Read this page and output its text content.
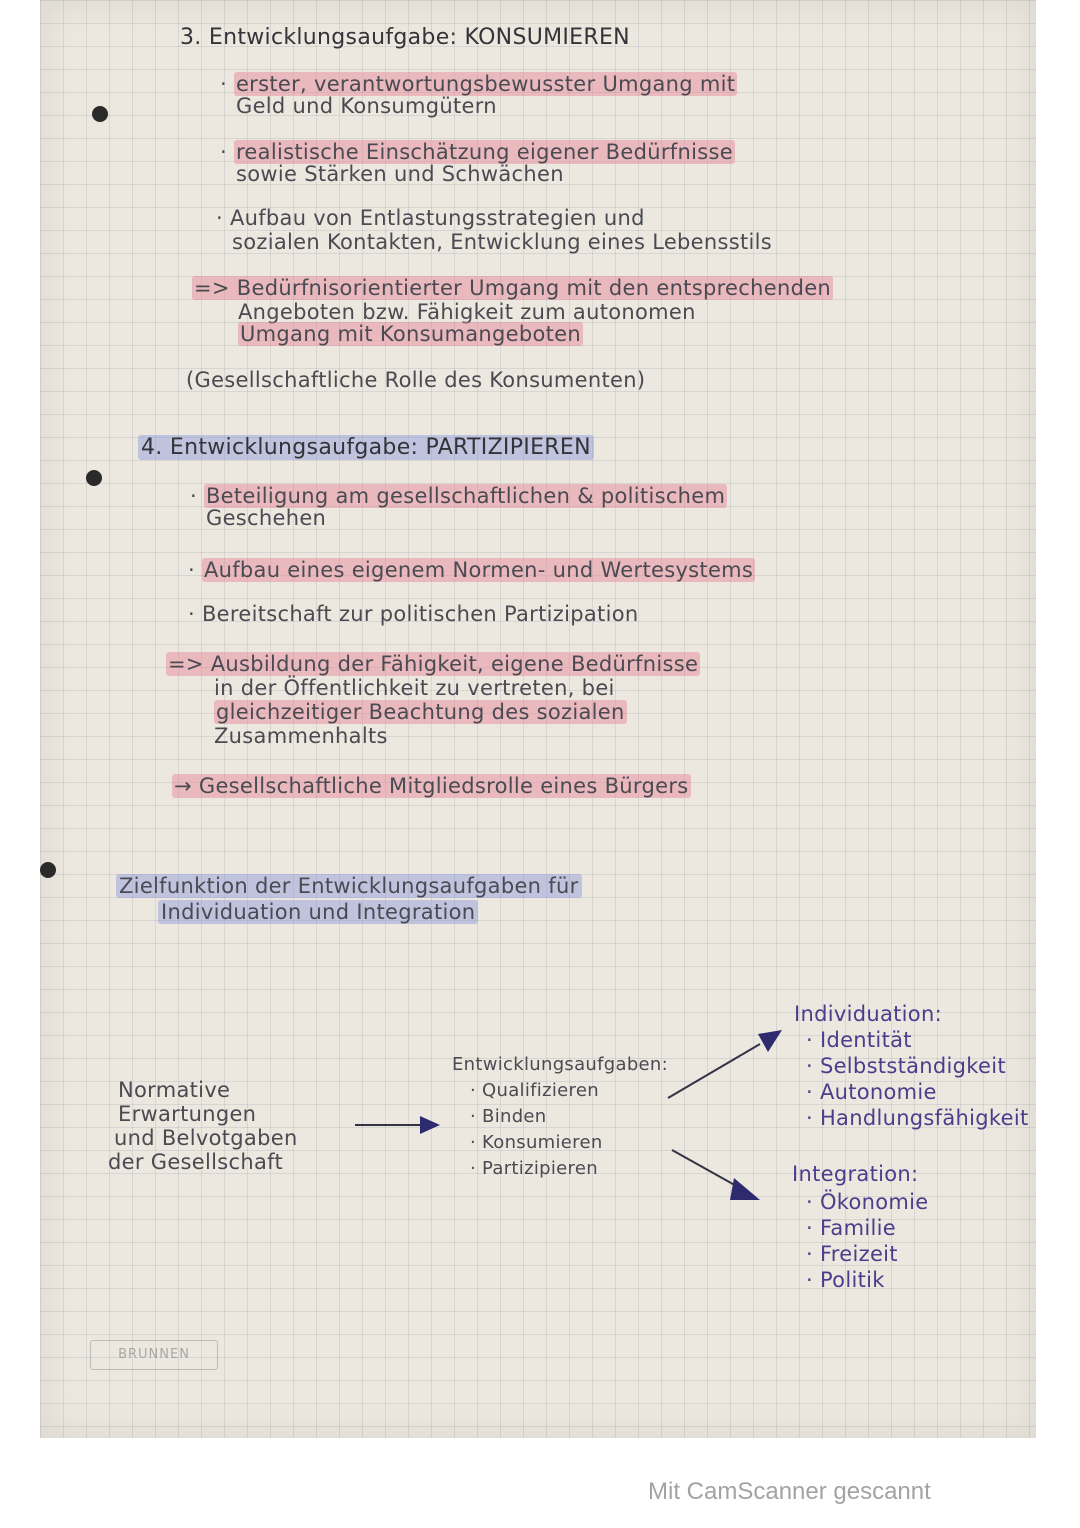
3. Entwicklungsaufgabe: KONSUMIEREN
· erster, verantwortungsbewusster Umgang mit
Geld und Konsumgütern
· realistische Einschätzung eigener Bedürfnisse
sowie Stärken und Schwächen
· Aufbau von Entlastungsstrategien und
sozialen Kontakten, Entwicklung eines Lebensstils
=> Bedürfnisorientierter Umgang mit den entsprechenden
Angeboten bzw. Fähigkeit zum autonomen
Umgang mit Konsumangeboten
(Gesellschaftliche Rolle des Konsumenten)
4. Entwicklungsaufgabe: PARTIZIPIEREN
· Beteiligung am gesellschaftlichen & politischem
Geschehen
· Aufbau eines eigenem Normen- und Wertesystems
· Bereitschaft zur politischen Partizipation
=> Ausbildung der Fähigkeit, eigene Bedürfnisse
in der Öffentlichkeit zu vertreten, bei
gleichzeitiger Beachtung des sozialen
Zusammenhalts
→ Gesellschaftliche Mitgliedsrolle eines Bürgers
Zielfunktion der Entwicklungsaufgaben für
Individuation und Integration
Normative
Erwartungen
und Belvotgaben
der Gesellschaft
Entwicklungsaufgaben:
· Qualifizieren
· Binden
· Konsumieren
· Partizipieren
Individuation:
· Identität
· Selbstständigkeit
· Autonomie
· Handlungsfähigkeit
Integration:
· Ökonomie
· Familie
· Freizeit
· Politik
BRUNNEN
Mit CamScanner gescannt
